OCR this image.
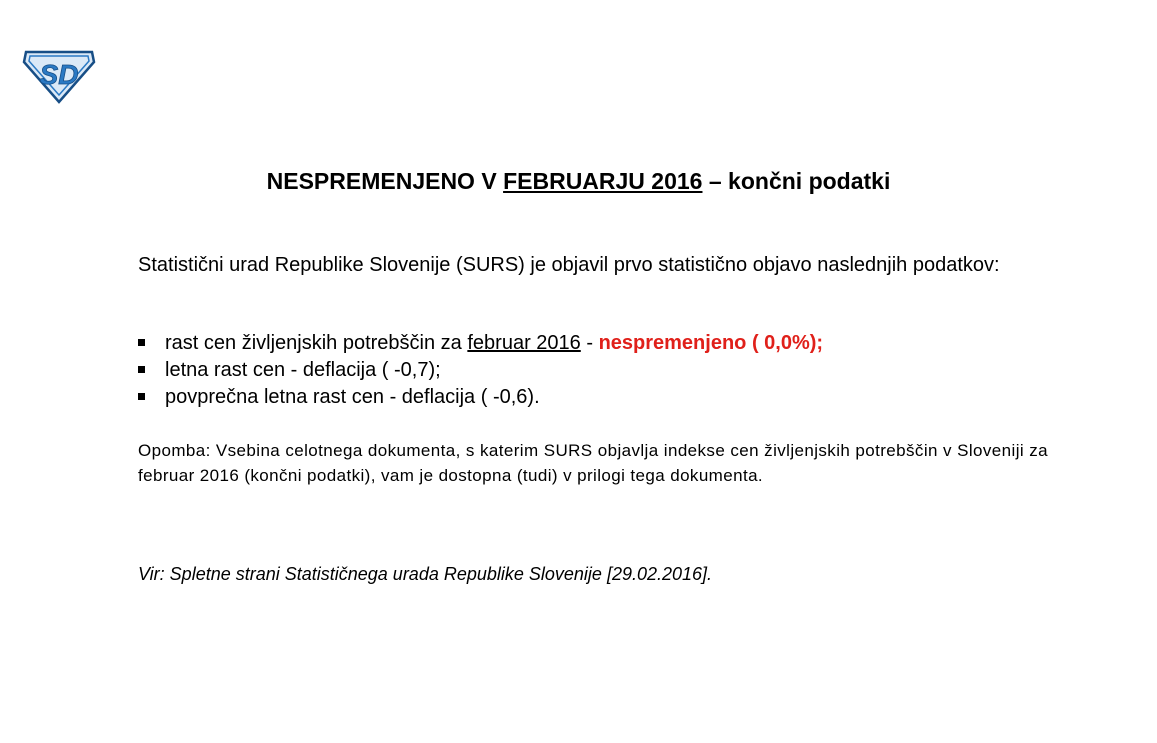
SD
NESPREMENJENO V FEBRUARJU 2016 – končni podatki
Statistični urad Republike Slovenije (SURS) je objavil prvo statistično objavo naslednjih podatkov:
rast cen življenjskih potrebščin za februar 2016 - nespremenjeno ( 0,0%);
letna rast cen - deflacija ( -0,7);
povprečna letna rast cen - deflacija ( -0,6).
Opomba: Vsebina celotnega dokumenta, s katerim SURS objavlja indekse cen življenjskih potrebščin v Sloveniji za februar 2016 (končni podatki), vam je dostopna (tudi) v prilogi tega dokumenta.
Vir: Spletne strani Statističnega urada Republike Slovenije [29.02.2016].
